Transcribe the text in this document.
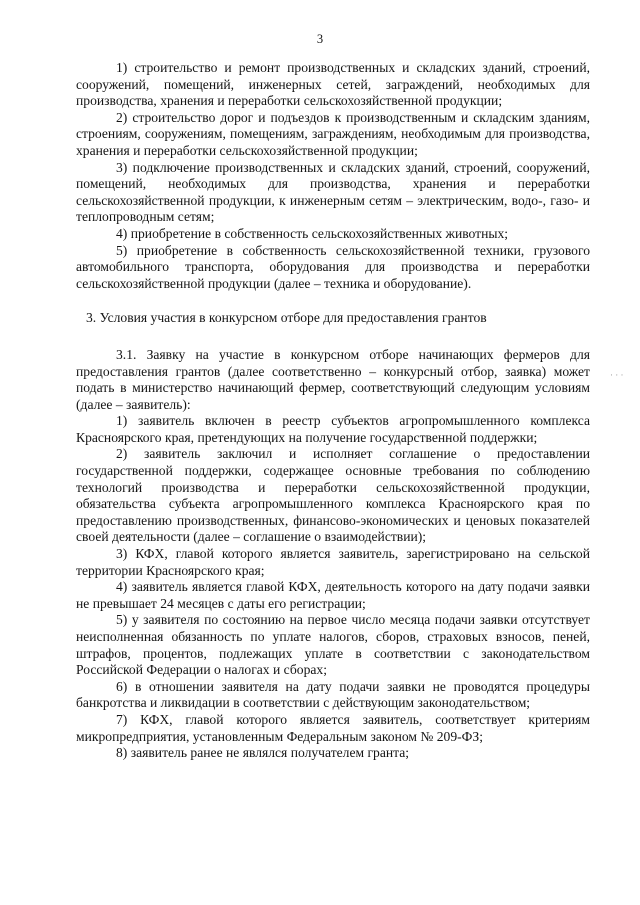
3

1) строительство и ремонт производственных и складских зданий, строений, сооружений, помещений, инженерных сетей, заграждений, необходимых для производства, хранения и переработки сельскохозяйственной продукции;

2) строительство дорог и подъездов к производственным и складским зданиям, строениям, сооружениям, помещениям, заграждениям, необходимым для производства, хранения и переработки сельскохозяйственной продукции;

3) подключение производственных и складских зданий, строений, сооружений, помещений, необходимых для производства, хранения и переработки сельскохозяйственной продукции, к инженерным сетям – электрическим, водо-, газо- и теплопроводным сетям;

4) приобретение в собственность сельскохозяйственных животных;

5) приобретение в собственность сельскохозяйственной техники, грузового автомобильного транспорта, оборудования для производства и переработки сельскохозяйственной продукции (далее – техника и оборудование).

3. Условия участия в конкурсном отборе для предоставления грантов

3.1. Заявку на участие в конкурсном отборе начинающих фермеров для предоставления грантов (далее соответственно – конкурсный отбор, заявка) может подать в министерство начинающий фермер, соответствующий следующим условиям (далее – заявитель):

1) заявитель включен в реестр субъектов агропромышленного комплекса Красноярского края, претендующих на получение государственной поддержки;

2) заявитель заключил и исполняет соглашение о предоставлении государственной поддержки, содержащее основные требования по соблюдению технологий производства и переработки сельскохозяйственной продукции, обязательства субъекта агропромышленного комплекса Красноярского края по предоставлению производственных, финансово-экономических и ценовых показателей своей деятельности (далее – соглашение о взаимодействии);

3) КФХ, главой которого является заявитель, зарегистрировано на сельской территории Красноярского края;

4) заявитель является главой КФХ, деятельность которого на дату подачи заявки не превышает 24 месяцев с даты его регистрации;

5) у заявителя по состоянию на первое число месяца подачи заявки отсутствует неисполненная обязанность по уплате налогов, сборов, страховых взносов, пеней, штрафов, процентов, подлежащих уплате в соответствии с законодательством Российской Федерации о налогах и сборах;

6) в отношении заявителя на дату подачи заявки не проводятся процедуры банкротства и ликвидации в соответствии с действующим законодательством;

7) КФХ, главой которого является заявитель, соответствует критериям микропредприятия, установленным Федеральным законом № 209-ФЗ;

8) заявитель ранее не являлся получателем гранта;

· · ·
